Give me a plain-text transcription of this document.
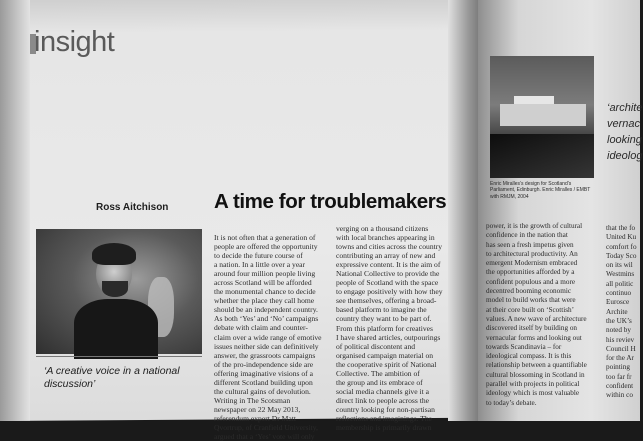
insight
Ross Aitchison A time for troublemakers
‘A creative voice in a national discussion’

It is not often that a generation of

people are offered the opportunity

to decide the future course of

a nation. In a little over a year

around four million people living

across Scotland will be afforded

the monumental chance to decide

whether the place they call home

should be an independent country.

As both ‘Yes’ and ‘No’ campaigns

debate with claim and counter-

claim over a wide range of emotive

issues neither side can definitively

answer, the grassroots campaigns

of the pro-independence side are

offering imaginative visions of a

different Scotland building upon

the cultural gains of devolution.

Writing in The Scotsman

newspaper on 22 May 2013,

referendum expert Dr Matt

Qvortrup, of Cranfield University,

argued that a ‘Yes’ vote will only

verging on a thousand citizens

with local branches appearing in

towns and cities across the country

contributing an array of new and

expressive content. It is the aim of

National Collective to provide the

people of Scotland with the space

to engage positively with how they

see themselves, offering a broad-

based platform to imagine the

country they want to be part of.

From this platform for creatives

I have shared articles, outpourings

of political discontent and

organised campaign material on

the cooperative spirit of National

Collective. The ambition of

the group and its embrace of

social media channels give it a

direct link to people across the

country looking for non-partisan

reflections and imaginings. The

membership is primarily drawn

Enric Miralles’s design for Scotland’s Parliament, Edinburgh. Enric Miralles / EMBT with RMJM, 2004

‘archite

vernac

looking

ideolog

power, it is the growth of cultural

confidence in the nation that

has seen a fresh impetus given

to architectural productivity. An

emergent Modernism embraced

the opportunities afforded by a

confident populous and a more

decentred booming economic

model to build works that were

at their core built on ‘Scottish’

values. A new wave of architecture

discovered itself by building on

vernacular forms and looking out

towards Scandinavia – for

ideological compass. It is this

relationship between a quantifiable

cultural blossoming in Scotland in

parallel with projects in political

ideology which is most valuable

to today’s debate.

that the fo

United Ku

comfort fo

Today Sco

on its wil

Westmins

all politic

continuo

Eurosce

Archite

the UK’s

noted by

his reviev

Council H

for the Ar

pointing

too far fr

confident

within co
